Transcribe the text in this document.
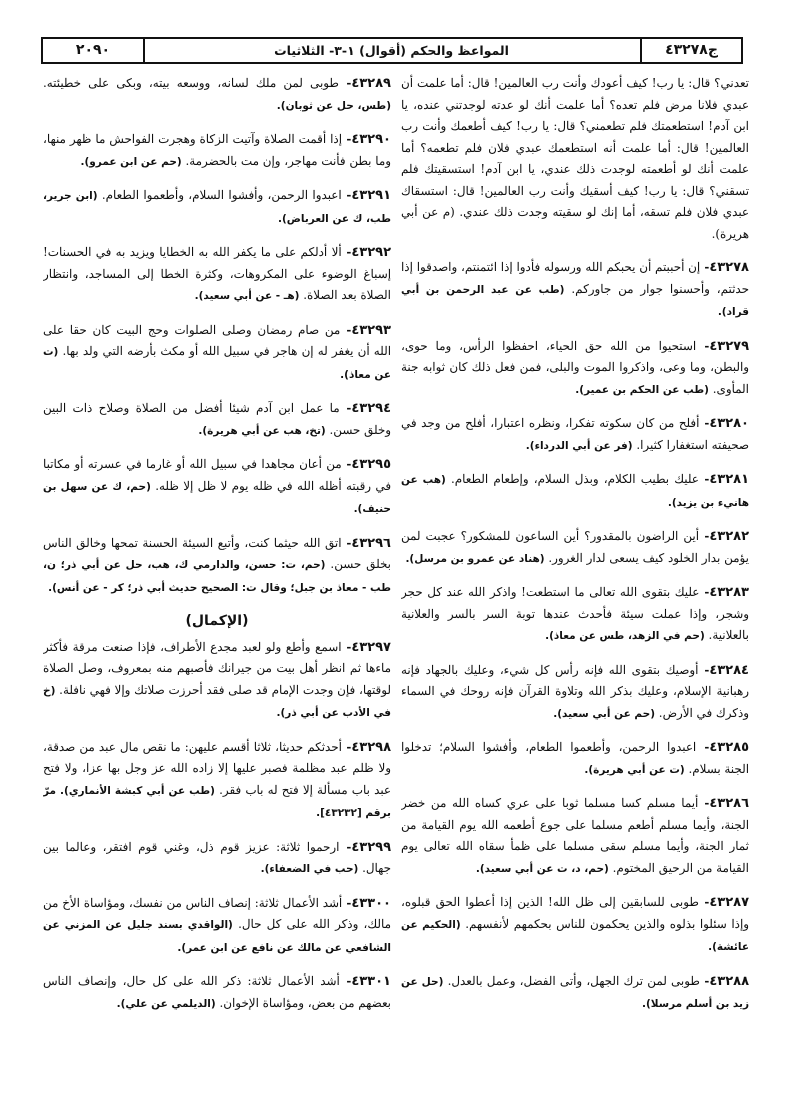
٢٠٩٠	المواعظ والحكم (أقوال) ١-٣- الثلاثيات	ج٤٣٢٧٨

تعدني؟ قال: يا رب! كيف أعودك وأنت رب العالمين! قال: أما علمت أن عبدي فلانا مرض فلم تعده؟ أما علمت أنك لو عدته لوجدتني عنده، يا ابن آدم! استطعمتك فلم تطعمني؟ قال: يا رب! كيف أطعمك وأنت رب العالمين! قال: أما علمت أنه استطعمك عبدي فلان فلم تطعمه؟ أما علمت أنك لو أطعمته لوجدت ذلك عندي، يا ابن آدم! استسقيتك فلم تسقني؟ قال: يا رب! كيف أسقيك وأنت رب العالمين! قال: استسقاك عبدي فلان فلم تسقه، أما إنك لو سقيته وجدت ذلك عندي. (م عن أبي هريرة).

٤٣٢٧٨- إن أحببتم أن يحبكم الله ورسوله فأدوا إذا ائتمنتم، واصدقوا إذا حدثتم، وأحسنوا جوار من جاوركم. (طب عن عبد الرحمن بن أبي قراد).

٤٣٢٧٩- استحيوا من الله حق الحياء، احفظوا الرأس، وما حوى، والبطن، وما وعى، واذكروا الموت والبلى، فمن فعل ذلك كان ثوابه جنة المأوى. (طب عن الحكم بن عمير).

٤٣٢٨٠- أفلح من كان سكوته تفكرا، ونظره اعتبارا، أفلح من وجد في صحيفته استغفارا كثيرا. (فر عن أبي الدرداء).

٤٣٢٨١- عليك بطيب الكلام، وبذل السلام، وإطعام الطعام. (هب عن هانيء بن يزيد).

٤٣٢٨٢- أين الراضون بالمقدور؟ أين الساعون للمشكور؟ عجبت لمن يؤمن بدار الخلود كيف يسعى لدار الغرور. (هناد عن عمرو بن مرسل).

٤٣٢٨٣- عليك بتقوى الله تعالى ما استطعت! واذكر الله عند كل حجر وشجر، وإذا عملت سيئة فأحدث عندها توبة السر بالسر والعلانية بالعلانية. (حم في الزهد، طس عن معاذ).

٤٣٢٨٤- أوصيك بتقوى الله فإنه رأس كل شيء، وعليك بالجهاد فإنه رهبانية الإسلام، وعليك بذكر الله وتلاوة القرآن فإنه روحك في السماء وذكرك في الأرض. (حم عن أبي سعيد).

٤٣٢٨٥- اعبدوا الرحمن، وأطعموا الطعام، وأفشوا السلام؛ تدخلوا الجنة بسلام. (ت عن أبي هريرة).

٤٣٢٨٦- أيما مسلم كسا مسلما ثوبا على عري كساه الله من خضر الجنة، وأيما مسلم أطعم مسلما على جوع أطعمه الله يوم القيامة من ثمار الجنة، وأيما مسلم سقى مسلما على ظمأ سقاه الله تعالى يوم القيامة من الرحيق المختوم. (حم، د، ت عن أبي سعيد).

٤٣٢٨٧- طوبى للسابقين إلى ظل الله! الذين إذا أعطوا الحق قبلوه، وإذا سئلوا بذلوه والذين يحكمون للناس بحكمهم لأنفسهم. (الحكيم عن عائشة).

٤٣٢٨٨- طوبى لمن ترك الجهل، وأتى الفضل، وعمل بالعدل. (حل عن زيد بن أسلم مرسلا).

٤٣٢٨٩- طوبى لمن ملك لسانه، ووسعه بيته، وبكى على خطيئته. (طس، حل عن ثوبان).

٤٣٢٩٠- إذا أقمت الصلاة وآتيت الزكاة وهجرت الفواحش ما ظهر منها، وما بطن فأنت مهاجر، وإن مت بالحضرمة. (حم عن ابن عمرو).

٤٣٢٩١- اعبدوا الرحمن، وأفشوا السلام، وأطعموا الطعام. (ابن جرير، طب، ك عن العرباض).

٤٣٢٩٢- ألا أدلكم على ما يكفر الله به الخطايا ويزيد به في الحسنات! إسباغ الوضوء على المكروهات، وكثرة الخطا إلى المساجد، وانتظار الصلاة بعد الصلاة. (هـ - عن أبي سعيد).

٤٣٢٩٣- من صام رمضان وصلى الصلوات وحج البيت كان حقا على الله أن يغفر له إن هاجر في سبيل الله أو مكث بأرضه التي ولد بها. (ت عن معاذ).

٤٣٢٩٤- ما عمل ابن آدم شيئا أفضل من الصلاة وصلاح ذات البين وخلق حسن. (تخ، هب عن أبي هريرة).

٤٣٢٩٥- من أعان مجاهدا في سبيل الله أو غارما في عسرته أو مكاتبا في رقبته أظله الله في ظله يوم لا ظل إلا ظله. (حم، ك عن سهل بن حنيف).

٤٣٢٩٦- اتق الله حيثما كنت، وأتبع السيئة الحسنة تمحها وخالق الناس بخلق حسن. (حم، ت: حسن، والدارمي ك، هب، حل عن أبي ذر؛ ن، طب - معاذ بن جبل؛ وقال ت: الصحيح حديث أبي ذر؛ كر - عن أنس).

(الإكمال)

٤٣٢٩٧- اسمع وأطع ولو لعبد مجدع الأطراف، فإذا صنعت مرقة فأكثر ماءها ثم انظر أهل بيت من جيرانك فأصبهم منه بمعروف، وصل الصلاة لوقتها، فإن وجدت الإمام قد صلى فقد أحرزت صلاتك وإلا فهي نافلة. (خ في الأدب عن أبي ذر).

٤٣٢٩٨- أحدثكم حديثا، ثلاثا أقسم عليهن: ما نقص مال عبد من صدقة، ولا ظلم عبد مظلمة فصبر عليها إلا زاده الله عز وجل بها عزا، ولا فتح عبد باب مسألة إلا فتح له باب فقر. (طب عن أبي كبشة الأنماري). مرّ برقم [٤٣٢٣٢].

٤٣٢٩٩- ارحموا ثلاثة: عزيز قوم ذل، وغني قوم افتقر، وعالما بين جهال. (حب في الضعفاء).

٤٣٣٠٠- أشد الأعمال ثلاثة: إنصاف الناس من نفسك، ومؤاساة الأخ من مالك، وذكر الله على كل حال. (الواقدي بسند جليل عن المزني عن الشافعي عن مالك عن نافع عن ابن عمر).

٤٣٣٠١- أشد الأعمال ثلاثة: ذكر الله على كل حال، وإنصاف الناس بعضهم من بعض، ومؤاساة الإخوان. (الديلمي عن علي).
